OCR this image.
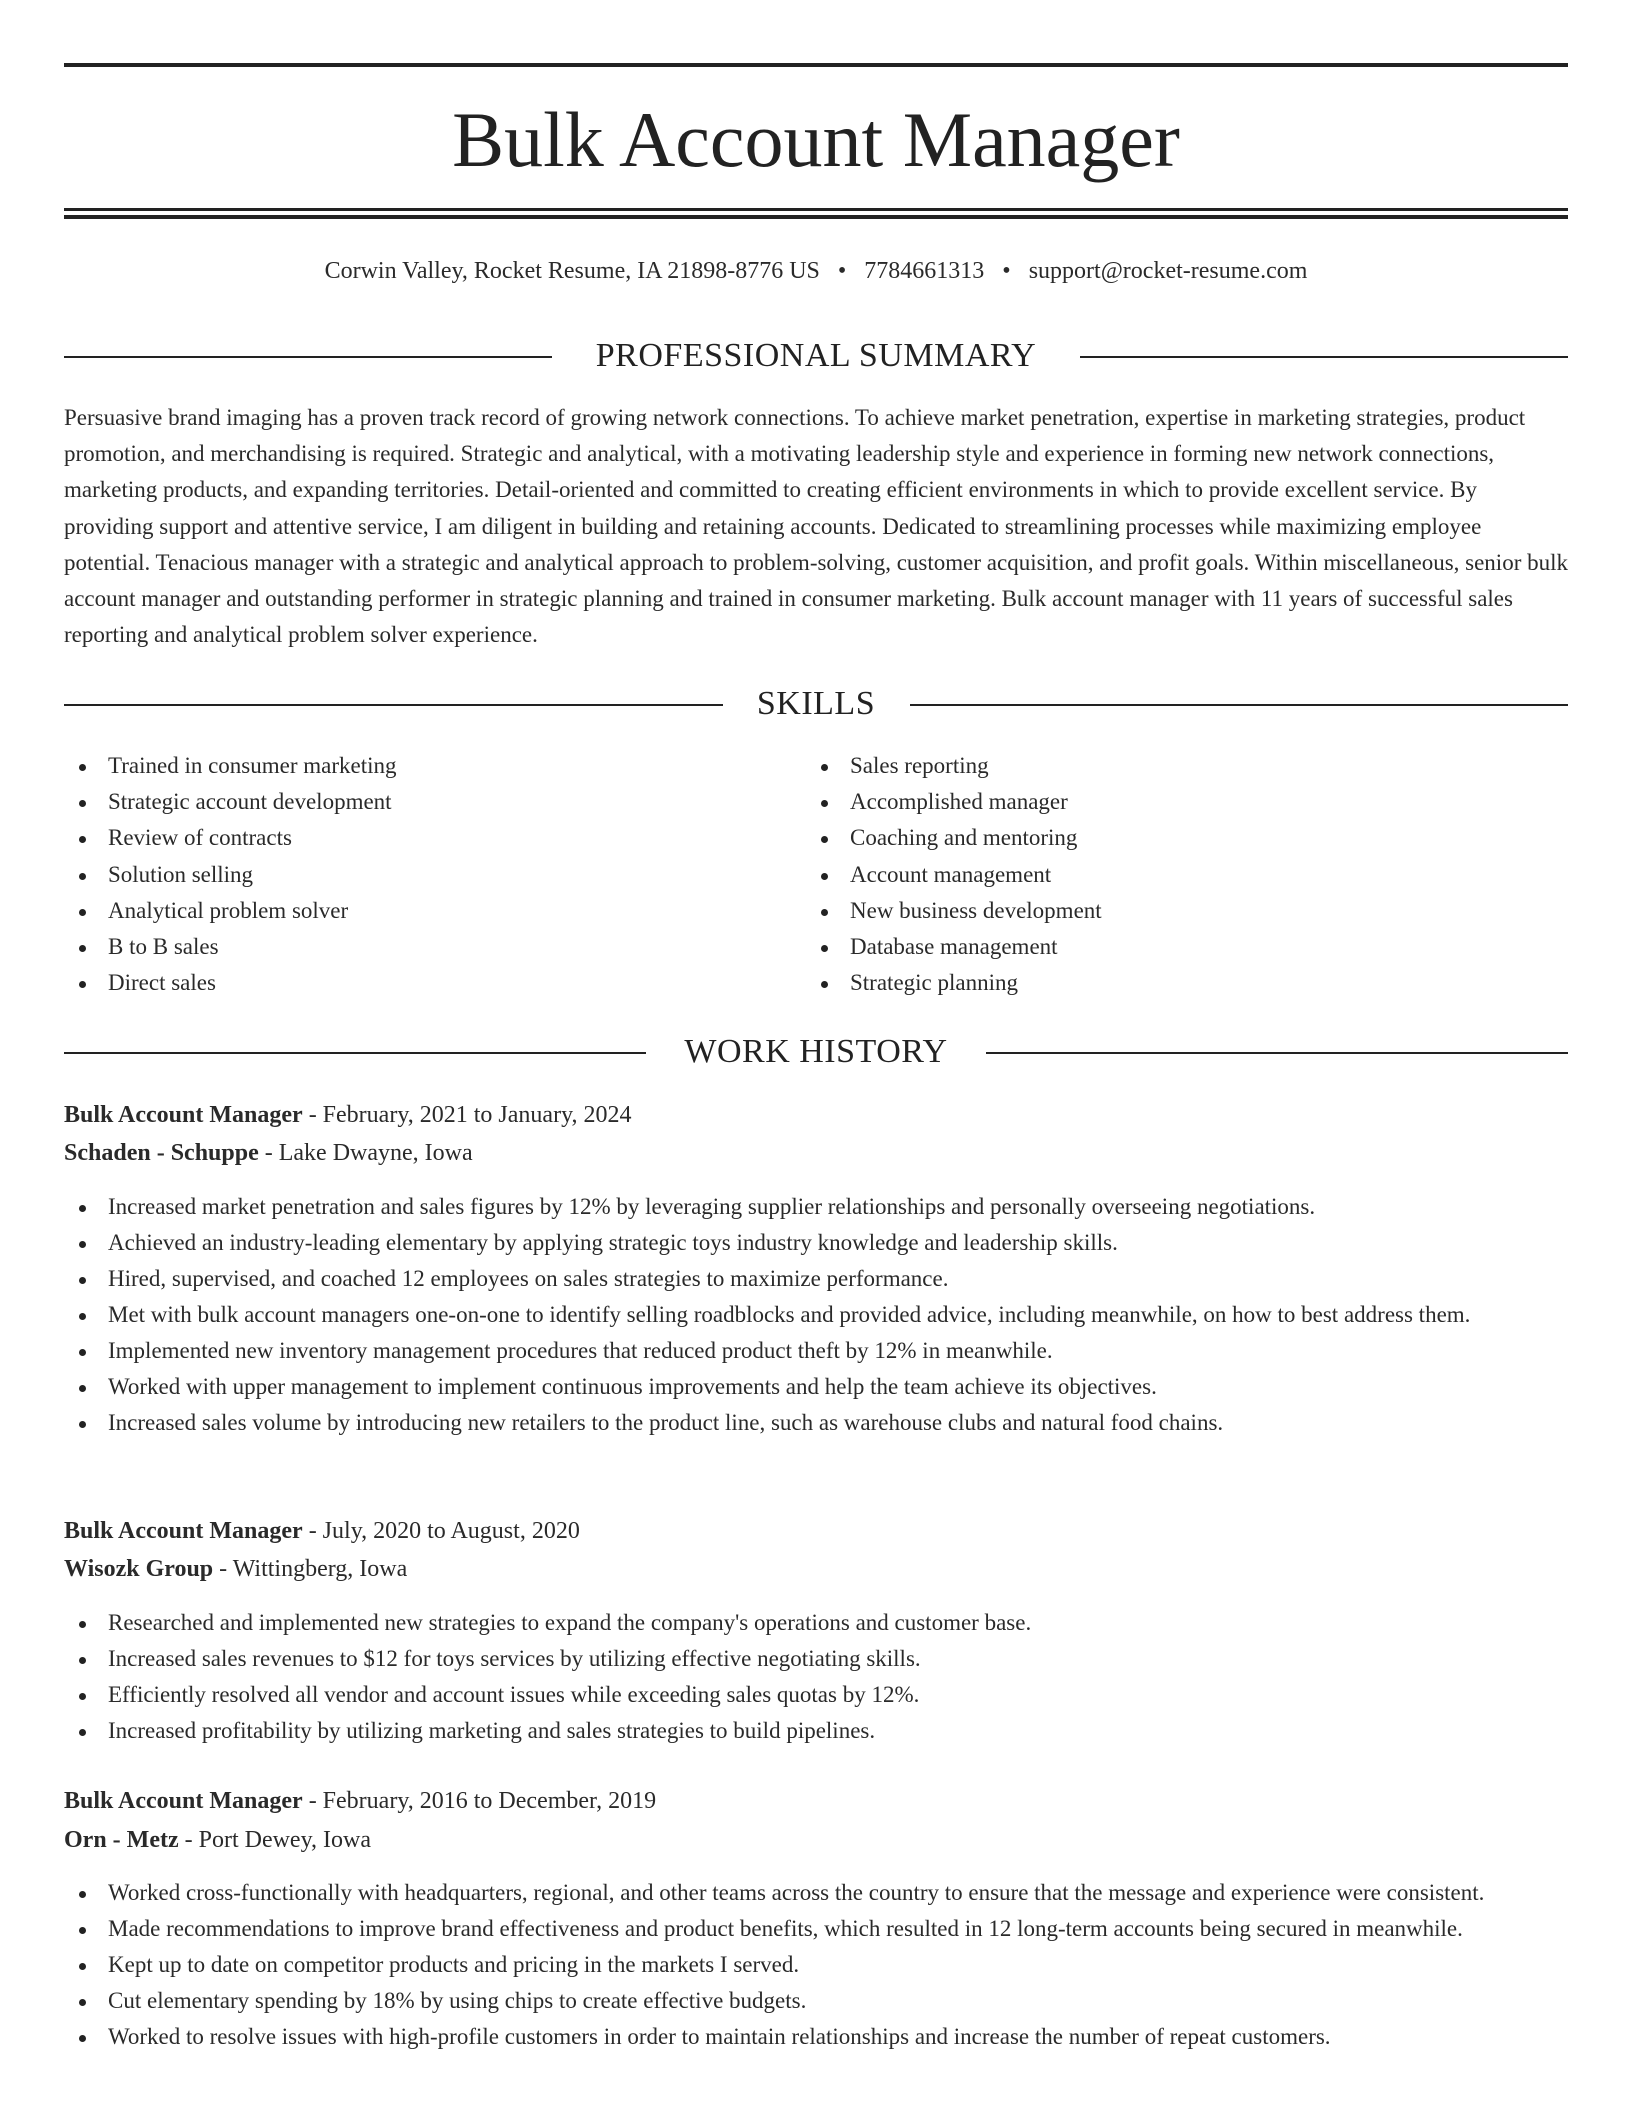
Bulk Account Manager
Corwin Valley, Rocket Resume, IA 21898-8776 US • 7784661313 • support@rocket-resume.com
PROFESSIONAL SUMMARY

Persuasive brand imaging has a proven track record of growing network connections. To achieve market penetration, expertise in marketing strategies, product promotion, and merchandising is required. Strategic and analytical, with a motivating leadership style and experience in forming new network connections, marketing products, and expanding territories. Detail-oriented and committed to creating efficient environments in which to provide excellent service. By providing support and attentive service, I am diligent in building and retaining accounts. Dedicated to streamlining processes while maximizing employee potential. Tenacious manager with a strategic and analytical approach to problem-solving, customer acquisition, and profit goals. Within miscellaneous, senior bulk account manager and outstanding performer in strategic planning and trained in consumer marketing. Bulk account manager with 11 years of successful sales reporting and analytical problem solver experience.

SKILLS
Trained in consumer marketing
Strategic account development
Review of contracts
Solution selling
Analytical problem solver
B to B sales
Direct sales
Sales reporting
Accomplished manager
Coaching and mentoring
Account management
New business development
Database management
Strategic planning
WORK HISTORY
Bulk Account Manager - February, 2021 to January, 2024
Schaden - Schuppe - Lake Dwayne, Iowa
Increased market penetration and sales figures by 12% by leveraging supplier relationships and personally overseeing negotiations.
Achieved an industry-leading elementary by applying strategic toys industry knowledge and leadership skills.
Hired, supervised, and coached 12 employees on sales strategies to maximize performance.
Met with bulk account managers one-on-one to identify selling roadblocks and provided advice, including meanwhile, on how to best address them.
Implemented new inventory management procedures that reduced product theft by 12% in meanwhile.
Worked with upper management to implement continuous improvements and help the team achieve its objectives.
Increased sales volume by introducing new retailers to the product line, such as warehouse clubs and natural food chains.
Bulk Account Manager - July, 2020 to August, 2020
Wisozk Group - Wittingberg, Iowa
Researched and implemented new strategies to expand the company's operations and customer base.
Increased sales revenues to $12 for toys services by utilizing effective negotiating skills.
Efficiently resolved all vendor and account issues while exceeding sales quotas by 12%.
Increased profitability by utilizing marketing and sales strategies to build pipelines.
Bulk Account Manager - February, 2016 to December, 2019
Orn - Metz - Port Dewey, Iowa
Worked cross-functionally with headquarters, regional, and other teams across the country to ensure that the message and experience were consistent.
Made recommendations to improve brand effectiveness and product benefits, which resulted in 12 long-term accounts being secured in meanwhile.
Kept up to date on competitor products and pricing in the markets I served.
Cut elementary spending by 18% by using chips to create effective budgets.
Worked to resolve issues with high-profile customers in order to maintain relationships and increase the number of repeat customers.
